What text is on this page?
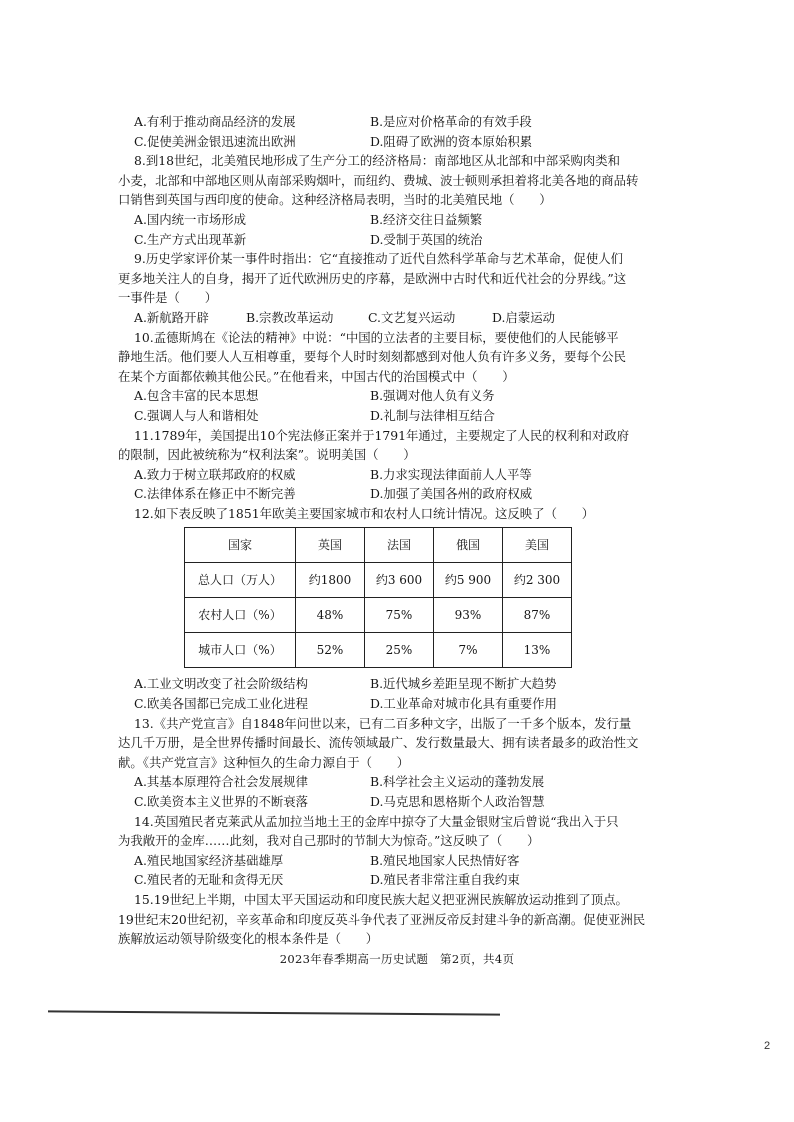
A.有利于推动商品经济的发展	B.是应对价格革命的有效手段
C.促使美洲金银迅速流出欧洲	D.阻碍了欧洲的资本原始积累
8.到18世纪，北美殖民地形成了生产分工的经济格局：南部地区从北部和中部采购肉类和
小麦，北部和中部地区则从南部采购烟叶，而纽约、费城、波士顿则承担着将北美各地的商品转
口销售到英国与西印度的使命。这种经济格局表明，当时的北美殖民地（　　）
A.国内统一市场形成	B.经济交往日益频繁
C.生产方式出现革新	D.受制于英国的统治
9.历史学家评价某一事件时指出：它“直接推动了近代自然科学革命与艺术革命，促使人们
更多地关注人的自身，揭开了近代欧洲历史的序幕，是欧洲中古时代和近代社会的分界线。”这
一事件是（　　）
A.新航路开辟	B.宗教改革运动	C.文艺复兴运动	D.启蒙运动
10.孟德斯鸠在《论法的精神》中说：“中国的立法者的主要目标，要使他们的人民能够平
静地生活。他们要人人互相尊重，要每个人时时刻刻都感到对他人负有许多义务，要每个公民
在某个方面都依赖其他公民。”在他看来，中国古代的治国模式中（　　）
A.包含丰富的民本思想	B.强调对他人负有义务
C.强调人与人和谐相处	D.礼制与法律相互结合
11.1789年，美国提出10个宪法修正案并于1791年通过，主要规定了人民的权利和对政府
的限制，因此被统称为“权利法案”。说明美国（　　）
A.致力于树立联邦政府的权威	B.力求实现法律面前人人平等
C.法律体系在修正中不断完善	D.加强了美国各州的政府权威
12.如下表反映了1851年欧美主要国家城市和农村人口统计情况。这反映了（　　）
国家	英国	法国	俄国	美国
总人口（万人）	约1800	约3 600	约5 900	约2 300
农村人口（%）	48%	75%	93%	87%
城市人口（%）	52%	25%	7%	13%
A.工业文明改变了社会阶级结构	B.近代城乡差距呈现不断扩大趋势
C.欧美各国都已完成工业化进程	D.工业革命对城市化具有重要作用
13.《共产党宣言》自1848年问世以来，已有二百多种文字，出版了一千多个版本，发行量
达几千万册，是全世界传播时间最长、流传领域最广、发行数量最大、拥有读者最多的政治性文
献。《共产党宣言》这种恒久的生命力源自于（　　）
A.其基本原理符合社会发展规律	B.科学社会主义运动的蓬勃发展
C.欧美资本主义世界的不断衰落	D.马克思和恩格斯个人政治智慧
14.英国殖民者克莱武从孟加拉当地土王的金库中掠夺了大量金银财宝后曾说“我出入于只
为我敞开的金库……此刻，我对自己那时的节制大为惊奇。”这反映了（　　）
A.殖民地国家经济基础雄厚	B.殖民地国家人民热情好客
C.殖民者的无耻和贪得无厌	D.殖民者非常注重自我约束
15.19世纪上半期，中国太平天国运动和印度民族大起义把亚洲民族解放运动推到了顶点。
19世纪末20世纪初，辛亥革命和印度反英斗争代表了亚洲反帝反封建斗争的新高潮。促使亚洲民
族解放运动领导阶级变化的根本条件是（　　）
2023年春季期高一历史试题　第2页，共4页
2
